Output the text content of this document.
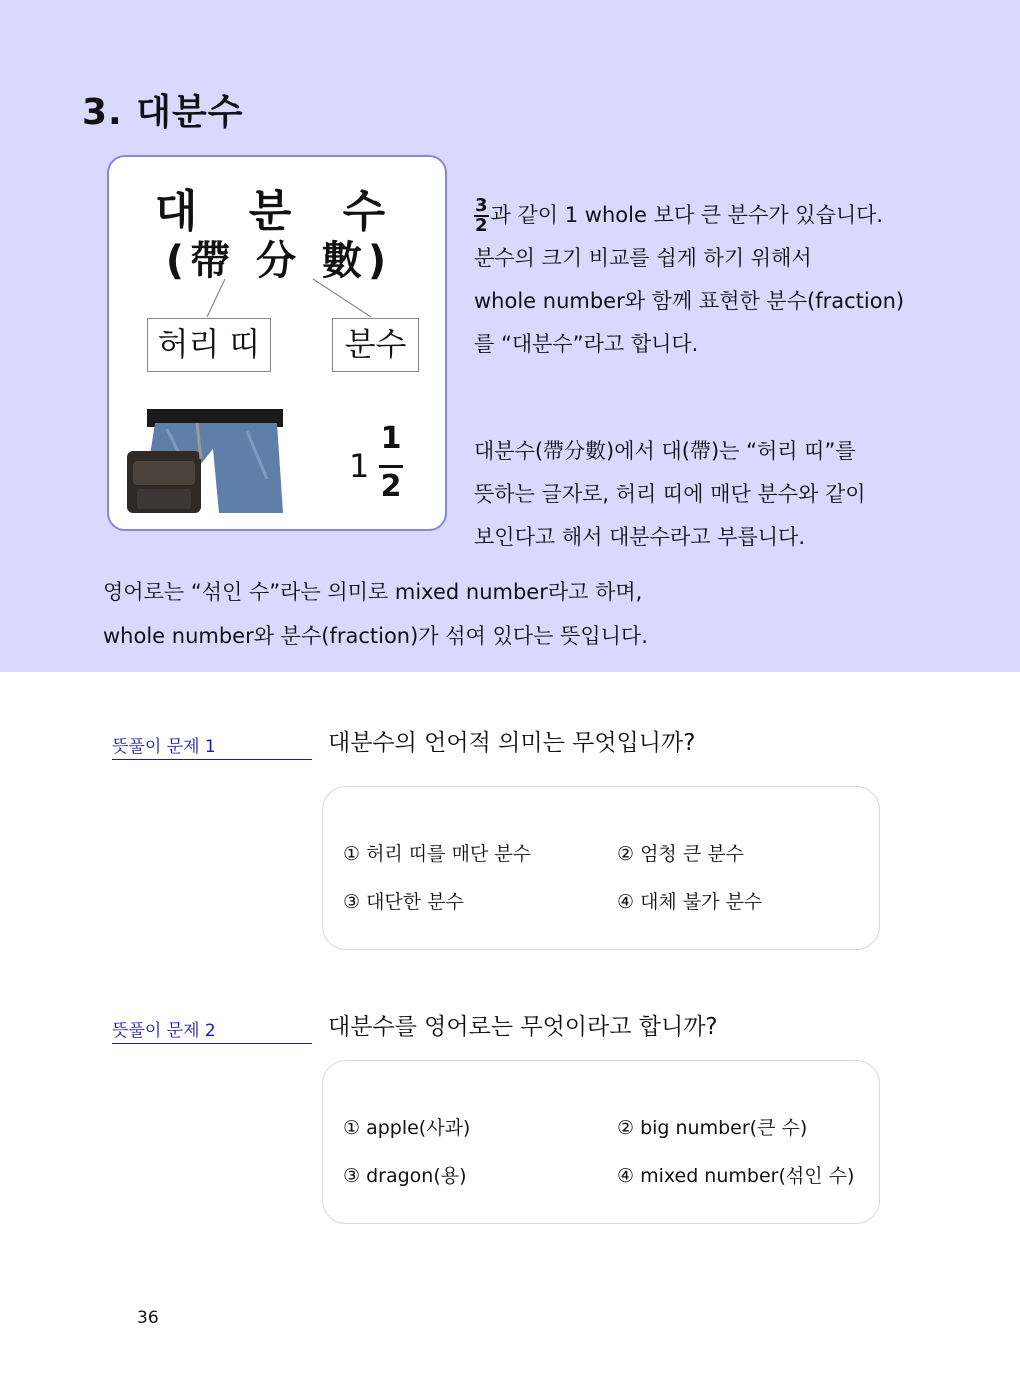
3. 대분수
대 분 수
(帶 分 數)
허리 띠	분수
1
1
2
$\frac{3}{2}$ 과 같이 1 whole 보다 큰 분수가 있습니다.
분수의 크기 비교를 쉽게 하기 위해서
whole number와 함께 표현한 분수(fraction)
를 “대분수”라고 합니다.
대분수(帶分數)에서 대(帶)는 “허리 띠”를
뜻하는 글자로, 허리 띠에 매단 분수와 같이
보인다고 해서 대분수라고 부릅니다.
영어로는 “섞인 수”라는 의미로 mixed number라고 하며,
whole number와 분수(fraction)가 섞여 있다는 뜻입니다.
뜻풀이 문제 1	대분수의 언어적 의미는 무엇입니까?
① 허리 띠를 매단 분수	② 엄청 큰 분수
③ 대단한 분수	④ 대체 불가 분수
뜻풀이 문제 2	대분수를 영어로는 무엇이라고 합니까?
① apple(사과)	② big number(큰 수)
③ dragon(용)	④ mixed number(섞인 수)
36
